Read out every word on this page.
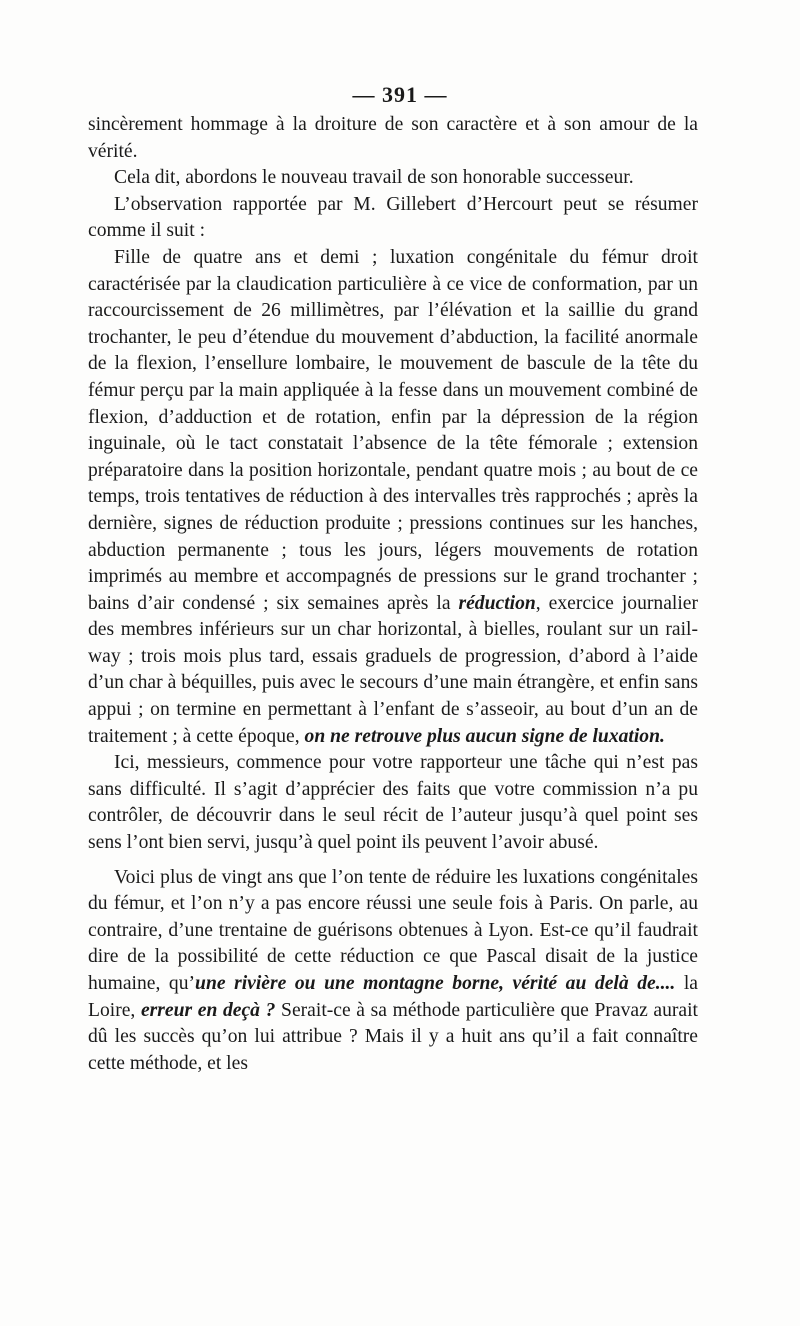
— 391 —

sincèrement hommage à la droiture de son caractère et à son amour de la vérité.

Cela dit, abordons le nouveau travail de son honorable successeur.

L’observation rapportée par M. Gillebert d’Hercourt peut se résumer comme il suit :

Fille de quatre ans et demi ; luxation congénitale du fémur droit caractérisée par la claudication particulière à ce vice de conformation, par un raccourcissement de 26 millimètres, par l’élévation et la saillie du grand trochanter, le peu d’étendue du mouvement d’abduction, la facilité anormale de la flexion, l’ensellure lombaire, le mouvement de bascule de la tête du fémur perçu par la main appliquée à la fesse dans un mouvement combiné de flexion, d’adduction et de rotation, enfin par la dépression de la région inguinale, où le tact constatait l’absence de la tête fémorale ; extension préparatoire dans la position horizontale, pendant quatre mois ; au bout de ce temps, trois tentatives de réduction à des intervalles très rapprochés ; après la dernière, signes de réduction produite ; pressions continues sur les hanches, abduction permanente ; tous les jours, légers mouvements de rotation imprimés au membre et accompagnés de pressions sur le grand trochanter ; bains d’air condensé ; six semaines après la réduction, exercice journalier des membres inférieurs sur un char horizontal, à bielles, roulant sur un rail-way ; trois mois plus tard, essais graduels de progression, d’abord à l’aide d’un char à béquilles, puis avec le secours d’une main étrangère, et enfin sans appui ; on termine en permettant à l’enfant de s’asseoir, au bout d’un an de traitement ; à cette époque, on ne retrouve plus aucun signe de luxation.

Ici, messieurs, commence pour votre rapporteur une tâche qui n’est pas sans difficulté. Il s’agit d’apprécier des faits que votre commission n’a pu contrôler, de découvrir dans le seul récit de l’auteur jusqu’à quel point ses sens l’ont bien servi, jusqu’à quel point ils peuvent l’avoir abusé.

Voici plus de vingt ans que l’on tente de réduire les luxations congénitales du fémur, et l’on n’y a pas encore réussi une seule fois à Paris. On parle, au contraire, d’une trentaine de guérisons obtenues à Lyon. Est-ce qu’il faudrait dire de la possibilité de cette réduction ce que Pascal disait de la justice humaine, qu’une rivière ou une montagne borne, vérité au delà de.... la Loire, erreur en deçà ? Serait-ce à sa méthode particulière que Pravaz aurait dû les succès qu’on lui attribue ? Mais il y a huit ans qu’il a fait connaître cette méthode, et les
